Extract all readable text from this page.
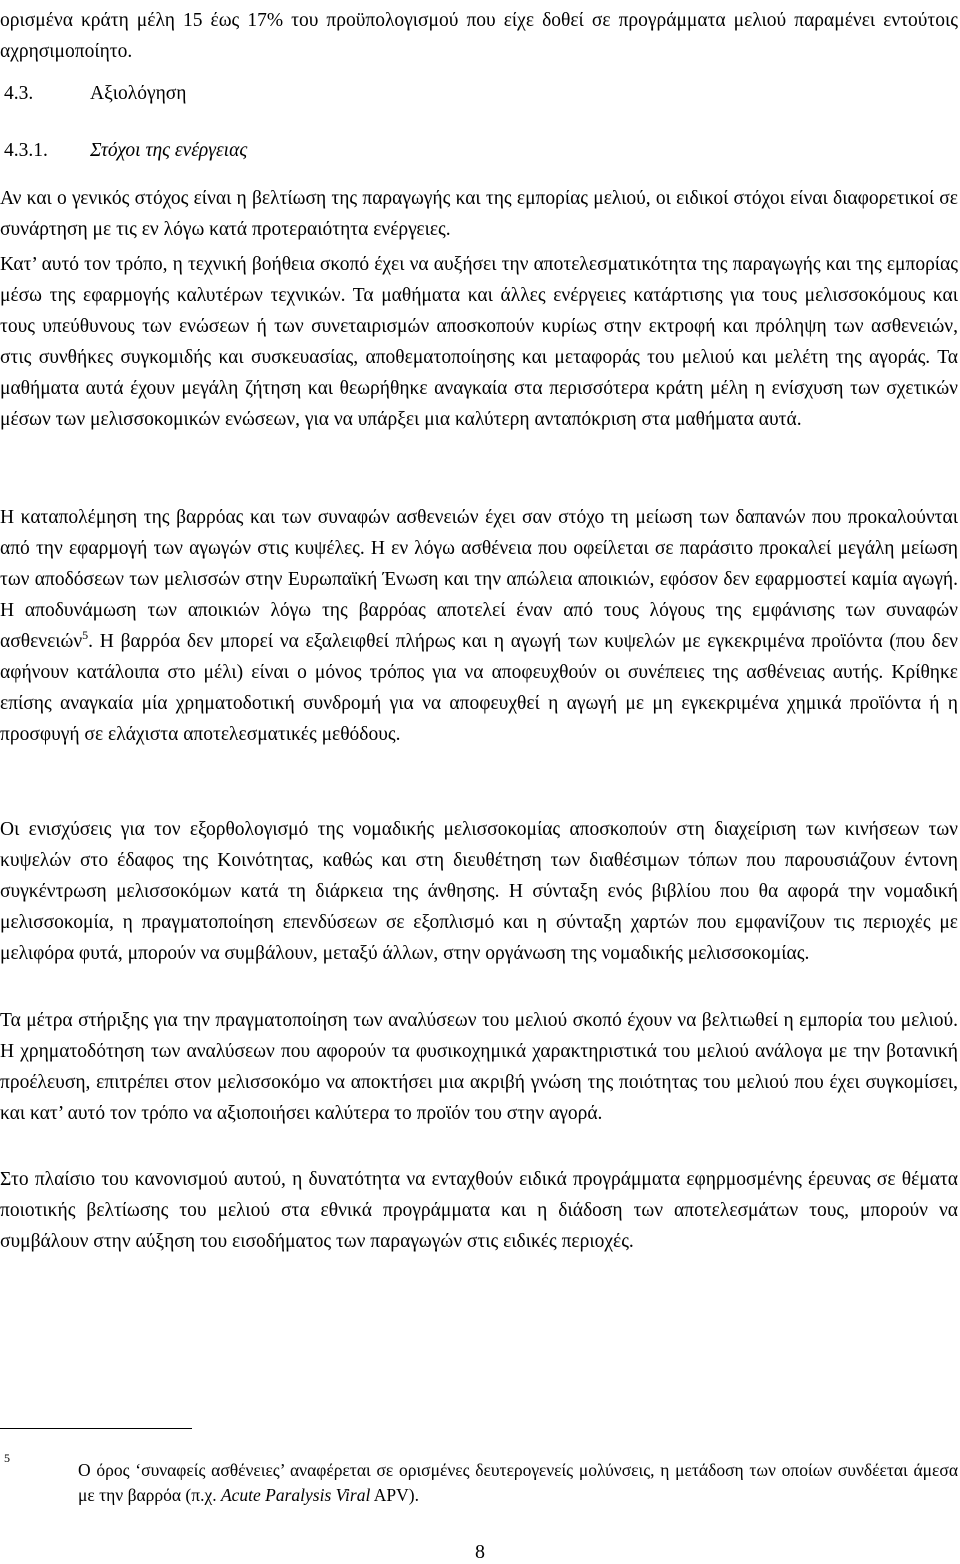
ορισμένα κράτη μέλη 15 έως 17% του προϋπολογισμού που είχε δοθεί σε προγράμματα μελιού παραμένει εντούτοις αχρησιμοποίητο.

4.3.	Αξιολόγηση
4.3.1. Στόχοι της ενέργειας

Αν και ο γενικός στόχος είναι η βελτίωση της παραγωγής και της εμπορίας μελιού, οι ειδικοί στόχοι είναι διαφορετικοί σε συνάρτηση με τις εν λόγω κατά προτεραιότητα ενέργειες.

Κατ’ αυτό τον τρόπο, η τεχνική βοήθεια σκοπό έχει να αυξήσει την αποτελεσματικότητα της παραγωγής και της εμπορίας μέσω της εφαρμογής καλυτέρων τεχνικών. Τα μαθήματα και άλλες ενέργειες κατάρτισης για τους μελισσοκόμους και τους υπεύθυνους των ενώσεων ή των συνεταιρισμών αποσκοπούν κυρίως στην εκτροφή και πρόληψη των ασθενειών, στις συνθήκες συγκομιδής και συσκευασίας, αποθεματοποίησης και μεταφοράς του μελιού και μελέτη της αγοράς. Τα μαθήματα αυτά έχουν μεγάλη ζήτηση και θεωρήθηκε αναγκαία στα περισσότερα κράτη μέλη η ενίσχυση των σχετικών μέσων των μελισσοκομικών ενώσεων, για να υπάρξει μια καλύτερη ανταπόκριση στα μαθήματα αυτά.

Η καταπολέμηση της βαρρόας και των συναφών ασθενειών έχει σαν στόχο τη μείωση των δαπανών που προκαλούνται από την εφαρμογή των αγωγών στις κυψέλες. Η εν λόγω ασθένεια που οφείλεται σε παράσιτο προκαλεί μεγάλη μείωση των αποδόσεων των μελισσών στην Ευρωπαϊκή Ένωση και την απώλεια αποικιών, εφόσον δεν εφαρμοστεί καμία αγωγή. Η αποδυνάμωση των αποικιών λόγω της βαρρόας αποτελεί έναν από τους λόγους της εμφάνισης των συναφών ασθενειών$^5$. Η βαρρόα δεν μπορεί να εξαλειφθεί πλήρως και η αγωγή των κυψελών με εγκεκριμένα προϊόντα (που δεν αφήνουν κατάλοιπα στο μέλι) είναι ο μόνος τρόπος για να αποφευχθούν οι συνέπειες της ασθένειας αυτής. Κρίθηκε επίσης αναγκαία μία χρηματοδοτική συνδρομή για να αποφευχθεί η αγωγή με μη εγκεκριμένα χημικά προϊόντα ή η προσφυγή σε ελάχιστα αποτελεσματικές μεθόδους.

Οι ενισχύσεις για τον εξορθολογισμό της νομαδικής μελισσοκομίας αποσκοπούν στη διαχείριση των κινήσεων των κυψελών στο έδαφος της Κοινότητας, καθώς και στη διευθέτηση των διαθέσιμων τόπων που παρουσιάζουν έντονη συγκέντρωση μελισσοκόμων κατά τη διάρκεια της άνθησης. Η σύνταξη ενός βιβλίου που θα αφορά την νομαδική μελισσοκομία, η πραγματοποίηση επενδύσεων σε εξοπλισμό και η σύνταξη χαρτών που εμφανίζουν τις περιοχές με μελιφόρα φυτά, μπορούν να συμβάλουν, μεταξύ άλλων, στην οργάνωση της νομαδικής μελισσοκομίας.

Τα μέτρα στήριξης για την πραγματοποίηση των αναλύσεων του μελιού σκοπό έχουν να βελτιωθεί η εμπορία του μελιού. Η χρηματοδότηση των αναλύσεων που αφορούν τα φυσικοχημικά χαρακτηριστικά του μελιού ανάλογα με την βοτανική προέλευση, επιτρέπει στον μελισσοκόμο να αποκτήσει μια ακριβή γνώση της ποιότητας του μελιού που έχει συγκομίσει, και κατ’ αυτό τον τρόπο να αξιοποιήσει καλύτερα το προϊόν του στην αγορά.

Στο πλαίσιο του κανονισμού αυτού, η δυνατότητα να ενταχθούν ειδικά προγράμματα εφηρμοσμένης έρευνας σε θέματα ποιοτικής βελτίωσης του μελιού στα εθνικά προγράμματα και η διάδοση των αποτελεσμάτων τους, μπορούν να συμβάλουν στην αύξηση του εισοδήματος των παραγωγών στις ειδικές περιοχές.

5

Ο όρος ‘συναφείς ασθένειες’ αναφέρεται σε ορισμένες δευτερογενείς μολύνσεις, η μετάδοση των οποίων συνδέεται άμεσα με την βαρρόα (π.χ. Acute Paralysis Viral APV).

8
